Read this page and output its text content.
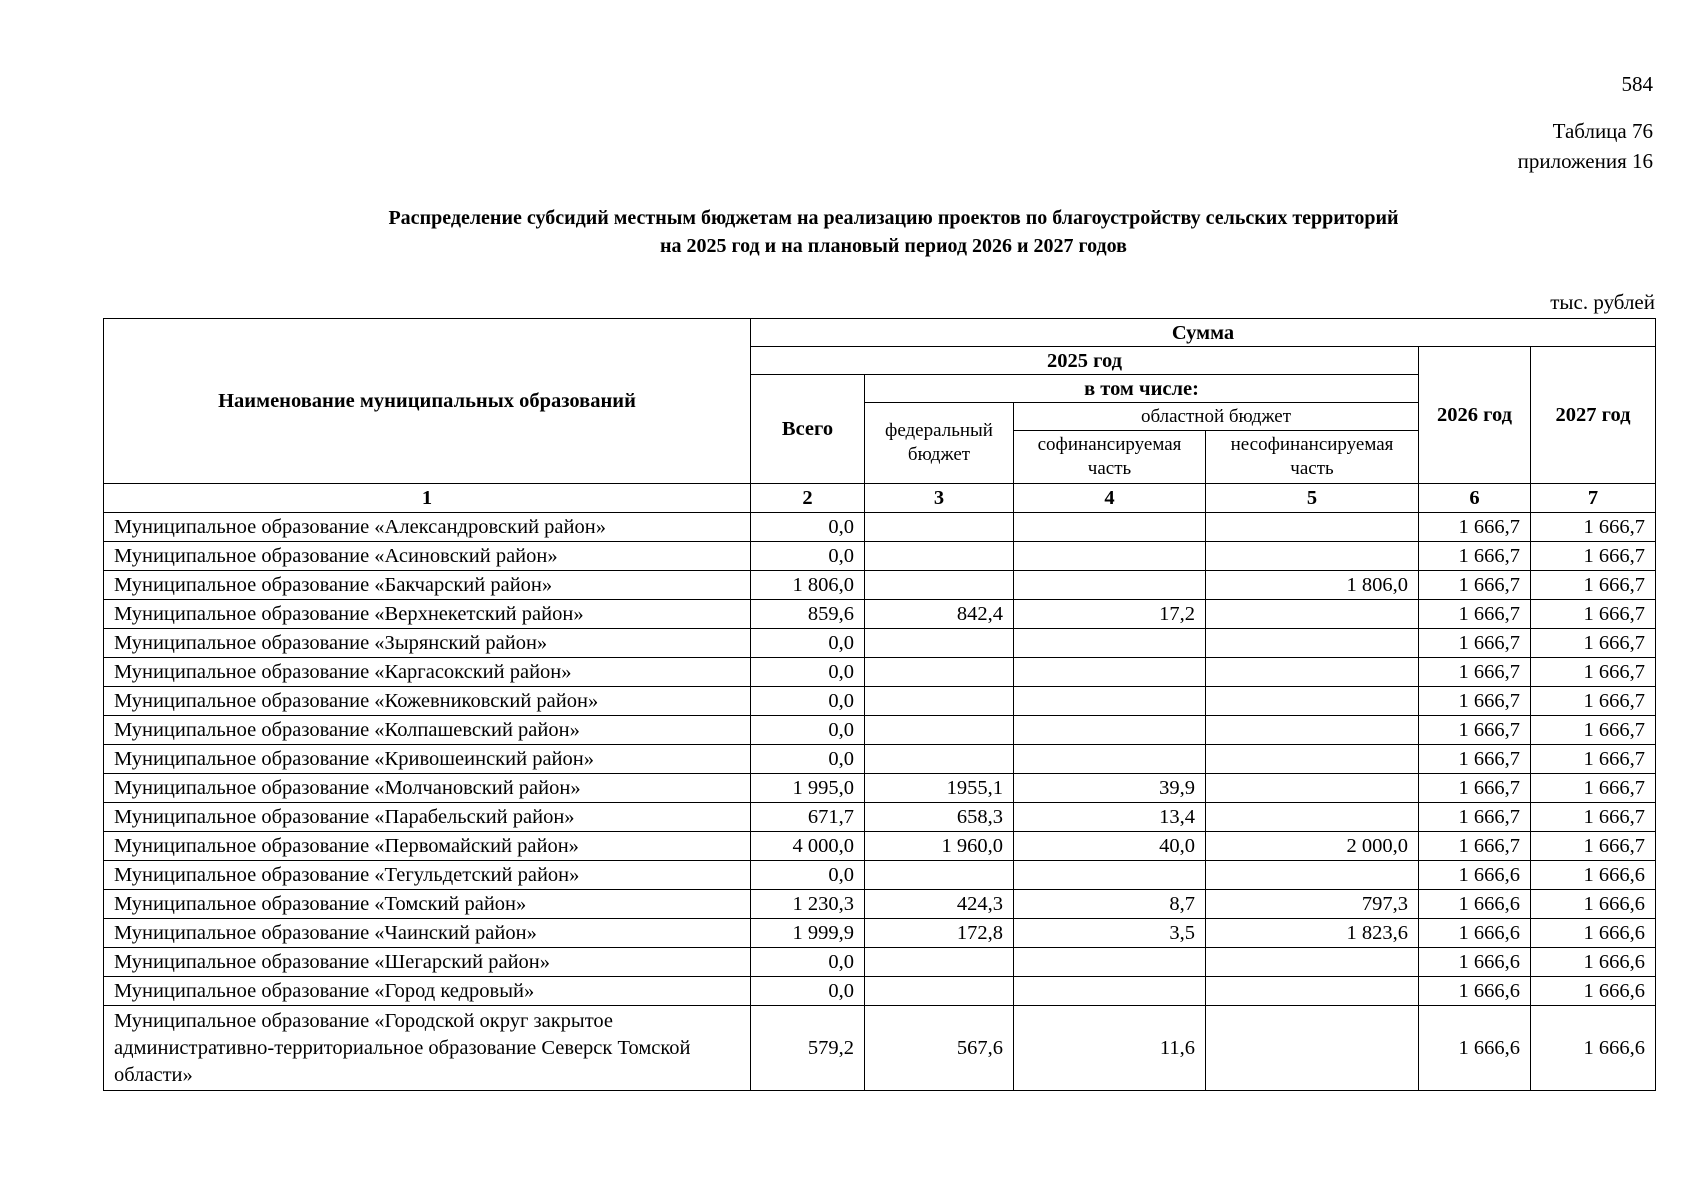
584
Таблица 76
приложения 16
Распределение субсидий местным бюджетам на реализацию проектов по благоустройству сельских территорий
на 2025 год и на плановый период 2026 и 2027 годов
тыс. рублей
Наименование муниципальных образований	Сумма					
	2025 год				2026 год	2027 год
	Всего	в том числе:				
		федеральный бюджет	областной бюджет			
			софинансируемая часть	несофинансируемая часть		
1	2	3	4	5	6	7
Муниципальное образование «Александровский район»	0,0				1 666,7	1 666,7
Муниципальное образование «Асиновский район»	0,0				1 666,7	1 666,7
Муниципальное образование «Бакчарский район»	1 806,0			1 806,0	1 666,7	1 666,7
Муниципальное образование «Верхнекетский район»	859,6	842,4	17,2		1 666,7	1 666,7
Муниципальное образование «Зырянский район»	0,0				1 666,7	1 666,7
Муниципальное образование «Каргасокский район»	0,0				1 666,7	1 666,7
Муниципальное образование «Кожевниковский район»	0,0				1 666,7	1 666,7
Муниципальное образование «Колпашевский район»	0,0				1 666,7	1 666,7
Муниципальное образование «Кривошеинский район»	0,0				1 666,7	1 666,7
Муниципальное образование «Молчановский район»	1 995,0	1955,1	39,9		1 666,7	1 666,7
Муниципальное образование «Парабельский район»	671,7	658,3	13,4		1 666,7	1 666,7
Муниципальное образование «Первомайский район»	4 000,0	1 960,0	40,0	2 000,0	1 666,7	1 666,7
Муниципальное образование «Тегульдетский район»	0,0				1 666,6	1 666,6
Муниципальное образование «Томский район»	1 230,3	424,3	8,7	797,3	1 666,6	1 666,6
Муниципальное образование «Чаинский район»	1 999,9	172,8	3,5	1 823,6	1 666,6	1 666,6
Муниципальное образование «Шегарский район»	0,0				1 666,6	1 666,6
Муниципальное образование «Город кедровый»	0,0				1 666,6	1 666,6
Муниципальное образование «Городской округ закрытое административно-территориальное образование Северск Томской области»	579,2	567,6	11,6		1 666,6	1 666,6
